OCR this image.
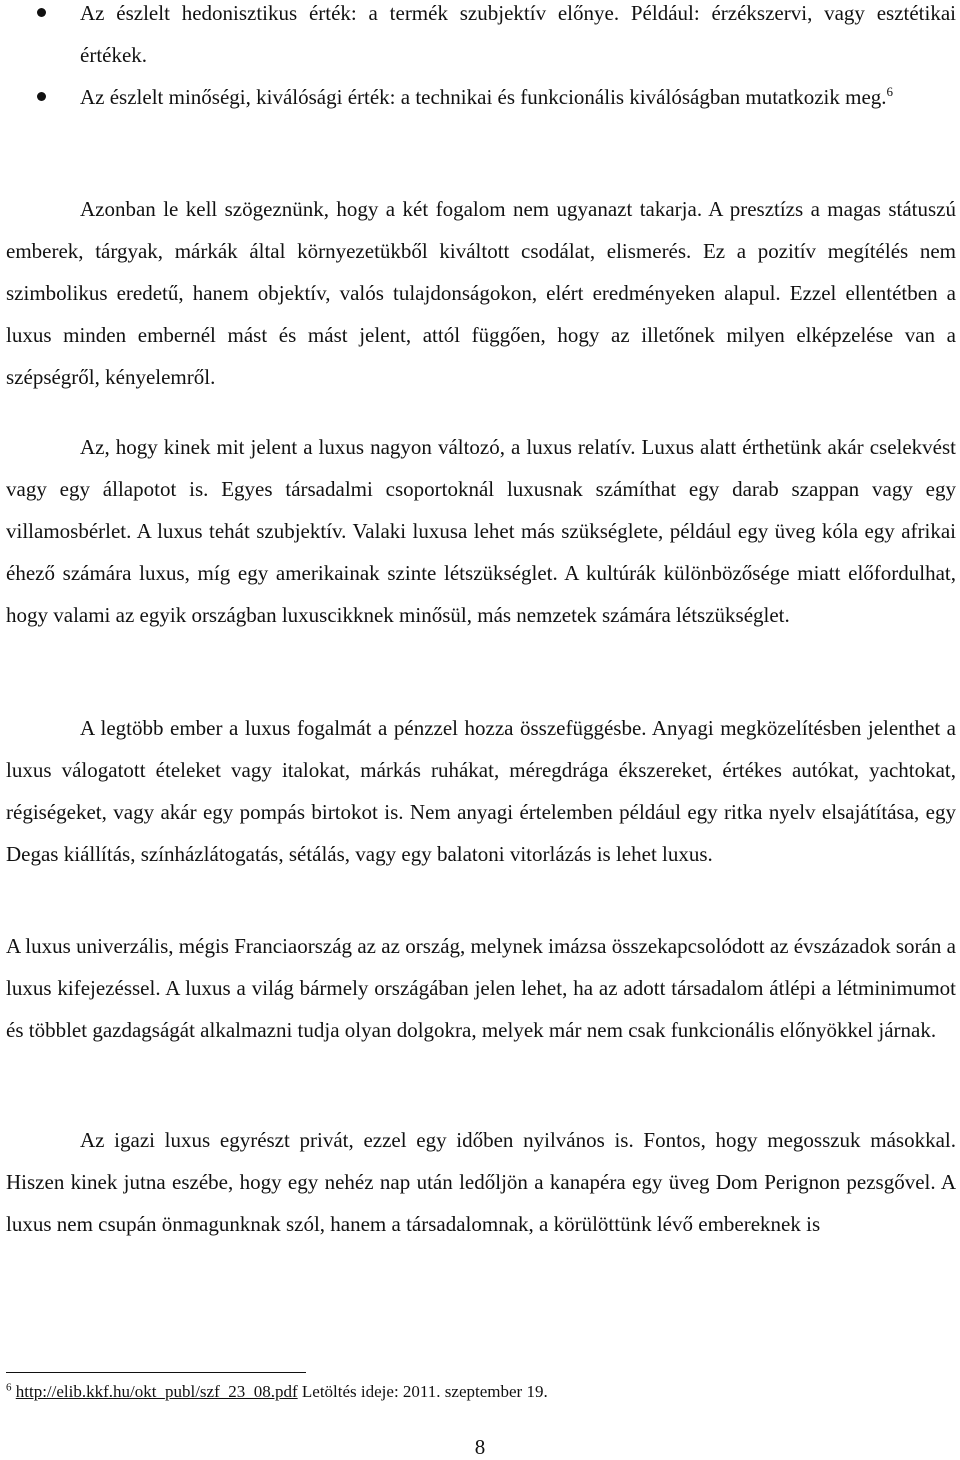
Az észlelt hedonisztikus érték: a termék szubjektív előnye. Például: érzékszervi, vagy esztétikai értékek.
Az észlelt minőségi, kiválósági érték: a technikai és funkcionális kiválóságban mutatkozik meg.$^6$

Azonban le kell szögeznünk, hogy a két fogalom nem ugyanazt takarja. A presztízs a magas státuszú emberek, tárgyak, márkák által környezetükből kiváltott csodálat, elismerés. Ez a pozitív megítélés nem szimbolikus eredetű, hanem objektív, valós tulajdonságokon, elért eredményeken alapul. Ezzel ellentétben a luxus minden embernél mást és mást jelent, attól függően, hogy az illetőnek milyen elképzelése van a szépségről, kényelemről.

Az, hogy kinek mit jelent a luxus nagyon változó, a luxus relatív. Luxus alatt érthetünk akár cselekvést vagy egy állapotot is. Egyes társadalmi csoportoknál luxusnak számíthat egy darab szappan vagy egy villamosbérlet. A luxus tehát szubjektív. Valaki luxusa lehet más szükséglete, például egy üveg kóla egy afrikai éhező számára luxus, míg egy amerikainak szinte létszükséglet. A kultúrák különbözősége miatt előfordulhat, hogy valami az egyik országban luxuscikknek minősül, más nemzetek számára létszükséglet.

A legtöbb ember a luxus fogalmát a pénzzel hozza összefüggésbe. Anyagi megközelítésben jelenthet a luxus válogatott ételeket vagy italokat, márkás ruhákat, méregdrága ékszereket, értékes autókat, yachtokat, régiségeket, vagy akár egy pompás birtokot is. Nem anyagi értelemben például egy ritka nyelv elsajátítása, egy Degas kiállítás, színházlátogatás, sétálás, vagy egy balatoni vitorlázás is lehet luxus.

A luxus univerzális, mégis Franciaország az az ország, melynek imázsa összekapcsolódott az évszázadok során a luxus kifejezéssel. A luxus a világ bármely országában jelen lehet, ha az adott társadalom átlépi a létminimumot és többlet gazdagságát alkalmazni tudja olyan dolgokra, melyek már nem csak funkcionális előnyökkel járnak.

Az igazi luxus egyrészt privát, ezzel egy időben nyilvános is. Fontos, hogy megosszuk másokkal. Hiszen kinek jutna eszébe, hogy egy nehéz nap után ledőljön a kanapéra egy üveg Dom Perignon pezsgővel. A luxus nem csupán önmagunknak szól, hanem a társadalomnak, a körülöttünk lévő embereknek is

$^6$ http://elib.kkf.hu/okt_publ/szf_23_08.pdf Letöltés ideje: 2011. szeptember 19.
8
